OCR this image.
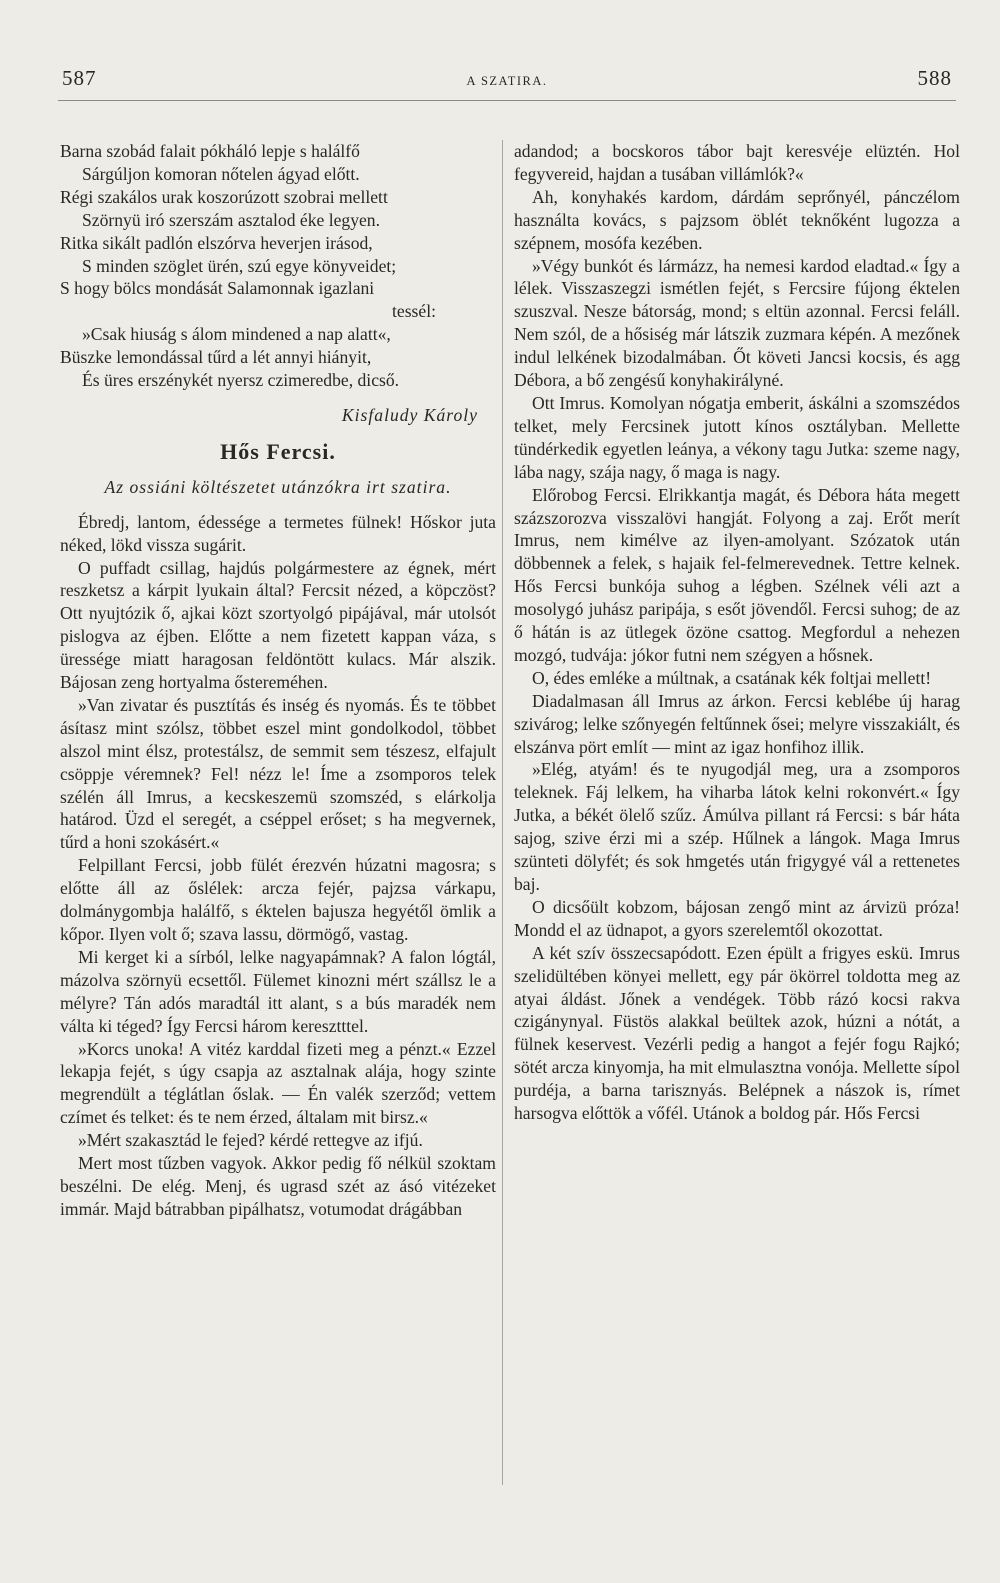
587	A SZATIRA.	588
Barna szobád falait pókháló lepje s halálfő
Sárgúljon komoran nőtelen ágyad előtt.
Régi szakálos urak koszorúzott szobrai mellett
Szörnyü iró szerszám asztalod éke legyen.
Ritka sikált padlón elszórva heverjen irásod,
S minden szöglet ürén, szú egye könyveidet;
S hogy bölcs mondását Salamonnak igazlani
tessél:
»Csak hiuság s álom mindened a nap alatt«,
Büszke lemondással tűrd a lét annyi hiányit,
És üres erszénykét nyersz czimeredbe, dicső.
Kisfaludy Károly
Hős Fercsi.
Az ossiáni költészetet utánzókra irt szatira.

Ébredj, lantom, édessége a termetes fülnek! Hőskor juta néked, lökd vissza sugárit.

O puffadt csillag, hajdús polgármestere az égnek, mért reszketsz a kárpit lyukain által? Fercsit nézed, a köpczöst? Ott nyujtózik ő, ajkai közt szortyolgó pipájával, már utolsót pislogva az éjben. Előtte a nem fizetett kappan váza, s üressége miatt haragosan feldöntött kulacs. Már alszik. Bájosan zeng hortyalma őstereméhen.

»Van zivatar és pusztítás és inség és nyomás. És te többet ásítasz mint szólsz, többet eszel mint gondolkodol, többet alszol mint élsz, protestálsz, de semmit sem tészesz, elfajult csöppje véremnek? Fel! nézz le! Íme a zsomporos telek szélén áll Imrus, a kecskeszemü szomszéd, s elárkolja határod. Üzd el seregét, a cséppel erőset; s ha megvernek, tűrd a honi szokásért.«

Felpillant Fercsi, jobb fülét érezvén húzatni magosra; s előtte áll az őslélek: arcza fejér, pajzsa várkapu, dolmánygombja halálfő, s éktelen bajusza hegyétől ömlik a kőpor. Ilyen volt ő; szava lassu, dörmögő, vastag.

Mi kerget ki a sírból, lelke nagyapámnak? A falon lógtál, mázolva szörnyü ecsettől. Fülemet kinozni mért szállsz le a mélyre? Tán adós maradtál itt alant, s a bús maradék nem válta ki téged? Így Fercsi három keresztttel.

»Korcs unoka! A vitéz karddal fizeti meg a pénzt.« Ezzel lekapja fejét, s úgy csapja az asztalnak alája, hogy szinte megrendült a téglátlan őslak. — Én valék szerződ; vettem czímet és telket: és te nem érzed, általam mit birsz.«

»Mért szakasztád le fejed? kérdé rettegve az ifjú.

Mert most tűzben vagyok. Akkor pedig fő nélkül szoktam beszélni. De elég. Menj, és ugrasd szét az ásó vitézeket immár. Majd bátrabban pipálhatsz, votumodat drágábban

adandod; a bocskoros tábor bajt keresvéje elüztén. Hol fegyvereid, hajdan a tusában villámlók?«

Ah, konyhakés kardom, dárdám seprőnyél, pánczélom használta kovács, s pajzsom öblét teknőként lugozza a szépnem, mosófa kezében.

»Végy bunkót és lármázz, ha nemesi kardod eladtad.« Így a lélek. Visszaszegzi ismétlen fejét, s Fercsire fújong éktelen szuszval. Nesze bátorság, mond; s eltün azonnal. Fercsi feláll. Nem szól, de a hősiség már látszik zuzmara képén. A mezőnek indul lelkének bizodalmában. Őt követi Jancsi kocsis, és agg Débora, a bő zengésű konyhakirályné.

Ott Imrus. Komolyan nógatja emberit, áskálni a szomszédos telket, mely Fercsinek jutott kínos osztályban. Mellette tündérkedik egyetlen leánya, a vékony tagu Jutka: szeme nagy, lába nagy, szája nagy, ő maga is nagy.

Előrobog Fercsi. Elrikkantja magát, és Débora háta megett százszorozva visszalövi hangját. Folyong a zaj. Erőt merít Imrus, nem kimélve az ilyen-amolyant. Szózatok után döbbennek a felek, s hajaik fel-felmerevednek. Tettre kelnek. Hős Fercsi bunkója suhog a légben. Szélnek véli azt a mosolygó juhász paripája, s esőt jövendől. Fercsi suhog; de az ő hátán is az ütlegek özöne csattog. Megfordul a nehezen mozgó, tudvája: jókor futni nem szégyen a hősnek.

O, édes emléke a múltnak, a csatának kék foltjai mellett!

Diadalmasan áll Imrus az árkon. Fercsi keblébe új harag szivárog; lelke szőnyegén feltűnnek ősei; melyre visszakiált, és elszánva pört említ — mint az igaz honfihoz illik.

»Elég, atyám! és te nyugodjál meg, ura a zsomporos teleknek. Fáj lelkem, ha viharba látok kelni rokonvért.« Így Jutka, a békét ölelő szűz. Ámúlva pillant rá Fercsi: s bár háta sajog, szive érzi mi a szép. Hűlnek a lángok. Maga Imrus szünteti dölyfét; és sok hmgetés után frigygyé vál a rettenetes baj.

O dicsőült kobzom, bájosan zengő mint az árvizü próza! Mondd el az üdnapot, a gyors szerelemtől okozottat.

A két szív összecsapódott. Ezen épült a frigyes eskü. Imrus szelidültében könyei mellett, egy pár ökörrel toldotta meg az atyai áldást. Jőnek a vendégek. Több rázó kocsi rakva czigánynyal. Füstös alakkal beültek azok, húzni a nótát, a fülnek keservest. Vezérli pedig a hangot a fejér fogu Rajkó; sötét arcza kinyomja, ha mit elmulasztna vonója. Mellette sípol purdéja, a barna tarisznyás. Belépnek a nászok is, rímet harsogva előttök a vőfél. Utánok a boldog pár. Hős Fercsi
